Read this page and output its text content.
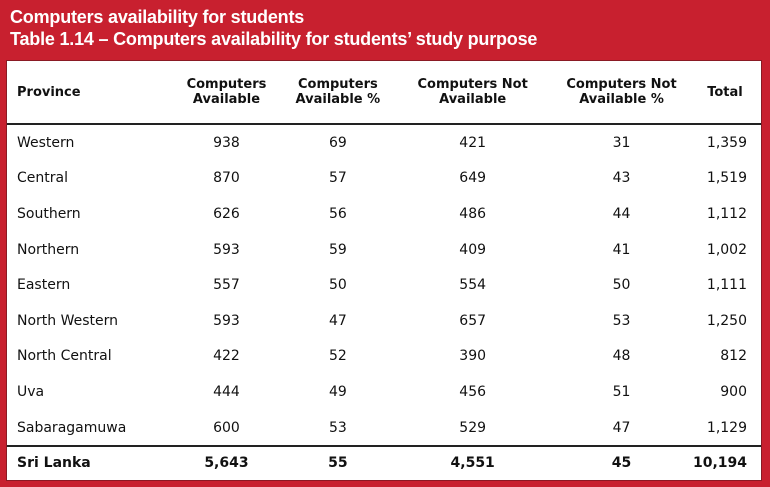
Computers availability for students
Table 1.14 – Computers availability for students’ study purpose
Province	Computers Available	Computers Available %	Computers Not Available	Computers Not Available %	Total
Western	938	69	421	31	1,359
Central	870	57	649	43	1,519
Southern	626	56	486	44	1,112
Northern	593	59	409	41	1,002
Eastern	557	50	554	50	1,111
North Western	593	47	657	53	1,250
North Central	422	52	390	48	812
Uva	444	49	456	51	900
Sabaragamuwa	600	53	529	47	1,129
Sri Lanka	5,643	55	4,551	45	10,194
